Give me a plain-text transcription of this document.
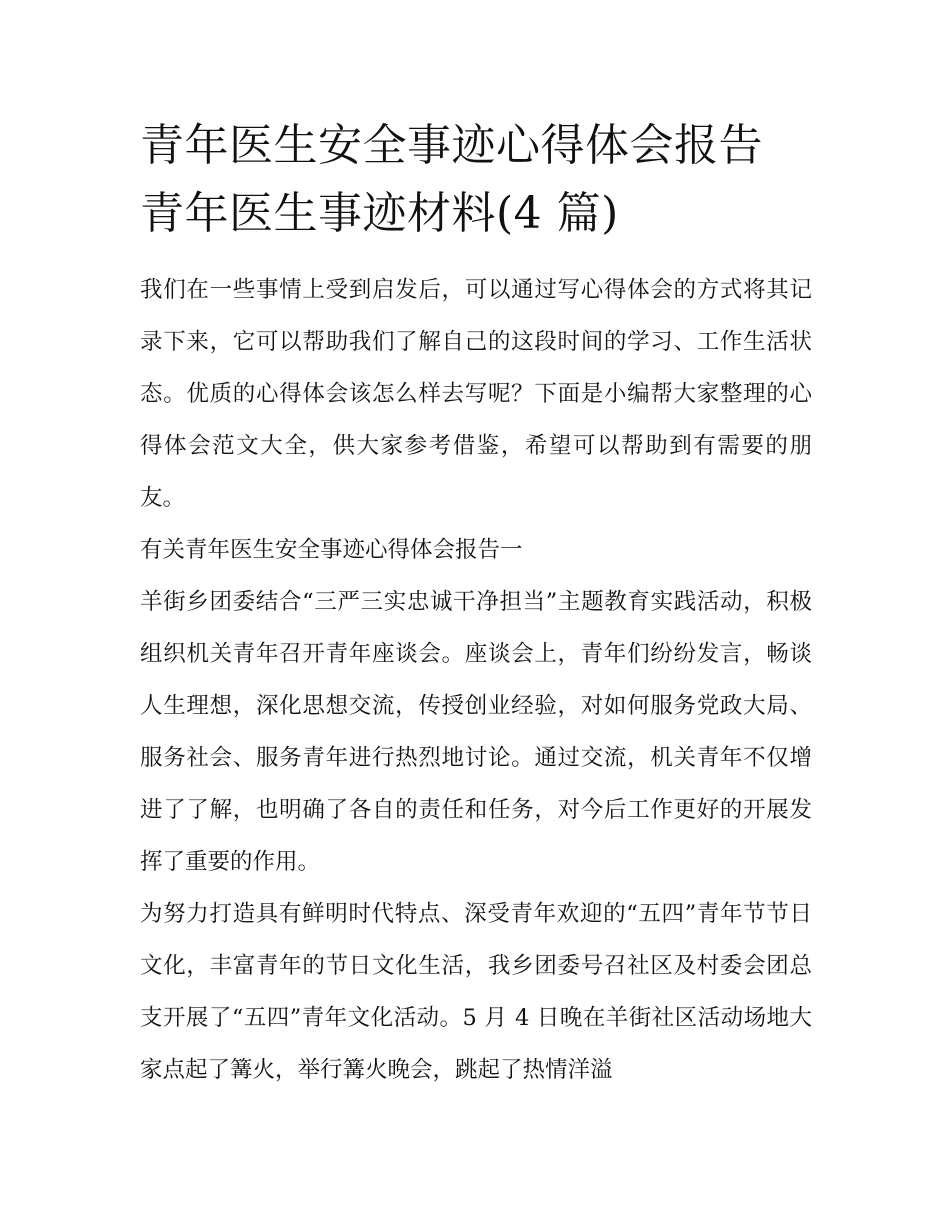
青年医生安全事迹心得体会报告 青年医生事迹材料(4 篇)

我们在一些事情上受到启发后，可以通过写心得体会的方式将其记录下来，它可以帮助我们了解自己的这段时间的学习、工作生活状态。优质的心得体会该怎么样去写呢？下面是小编帮大家整理的心得体会范文大全，供大家参考借鉴，希望可以帮助到有需要的朋友。

有关青年医生安全事迹心得体会报告一

羊街乡团委结合“三严三实忠诚干净担当”主题教育实践活动，积极组织机关青年召开青年座谈会。座谈会上，青年们纷纷发言，畅谈人生理想，深化思想交流，传授创业经验，对如何服务党政大局、服务社会、服务青年进行热烈地讨论。通过交流，机关青年不仅增进了了解，也明确了各自的责任和任务，对今后工作更好的开展发挥了重要的作用。

为努力打造具有鲜明时代特点、深受青年欢迎的“五四”青年节节日文化，丰富青年的节日文化生活，我乡团委号召社区及村委会团总支开展了“五四”青年文化活动。5 月 4 日晚在羊街社区活动场地大家点起了篝火，举行篝火晚会，跳起了热情洋溢
